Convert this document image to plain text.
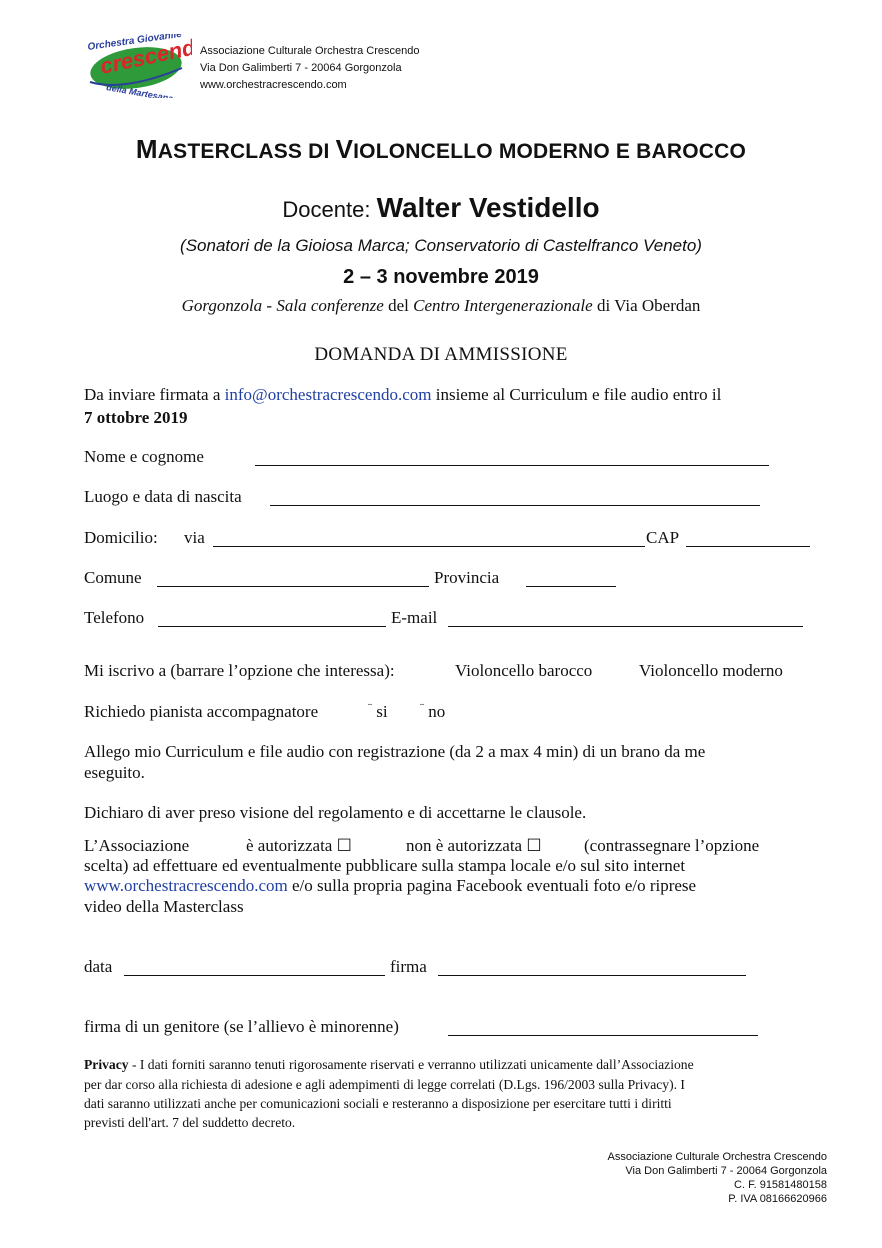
Orchestra Giovanile
crescendo
della Martesana
Associazione Culturale Orchestra Crescendo
Via Don Galimberti 7 - 20064 Gorgonzola
www.orchestracrescendo.com
MASTERCLASS DI VIOLONCELLO MODERNO E BAROCCO
Docente: Walter Vestidello
(Sonatori de la Gioiosa Marca; Conservatorio di Castelfranco Veneto)
2 – 3 novembre 2019
Gorgonzola - Sala conferenze del Centro Intergenerazionale di Via Oberdan
DOMANDA DI AMMISSIONE
Da inviare firmata a info@orchestracrescendo.com insieme al Curriculum e file audio entro il
7 ottobre 2019
Nome e cognome
Luogo e data di nascita
Domicilio: via	CAP
Comune	Provincia
Telefono	E-mail
Mi iscrivo a (barrare l’opzione che interessa):	Violoncello barocco	Violoncello moderno
Richiedo pianista accompagnatore	¨ si	¨ no
Allego mio Curriculum e file audio con registrazione (da 2 a max 4 min) di un brano da me
eseguito.
Dichiaro di aver preso visione del regolamento e di accettarne le clausole.
L’Associazione	è autorizzata ☐	non è autorizzata ☐ (contrassegnare l’opzione
scelta) ad effettuare ed eventualmente pubblicare sulla stampa locale e/o sul sito internet
www.orchestracrescendo.com e/o sulla propria pagina Facebook eventuali foto e/o riprese
video della Masterclass
data	firma
firma di un genitore (se l’allievo è minorenne)
Privacy - I dati forniti saranno tenuti rigorosamente riservati e verranno utilizzati unicamente dall’Associazione
per dar corso alla richiesta di adesione e agli adempimenti di legge correlati (D.Lgs. 196/2003 sulla Privacy). I
dati saranno utilizzati anche per comunicazioni sociali e resteranno a disposizione per esercitare tutti i diritti
previsti dell'art. 7 del suddetto decreto.
Associazione Culturale Orchestra Crescendo
Via Don Galimberti 7 - 20064 Gorgonzola
C. F. 91581480158
P. IVA 08166620966
